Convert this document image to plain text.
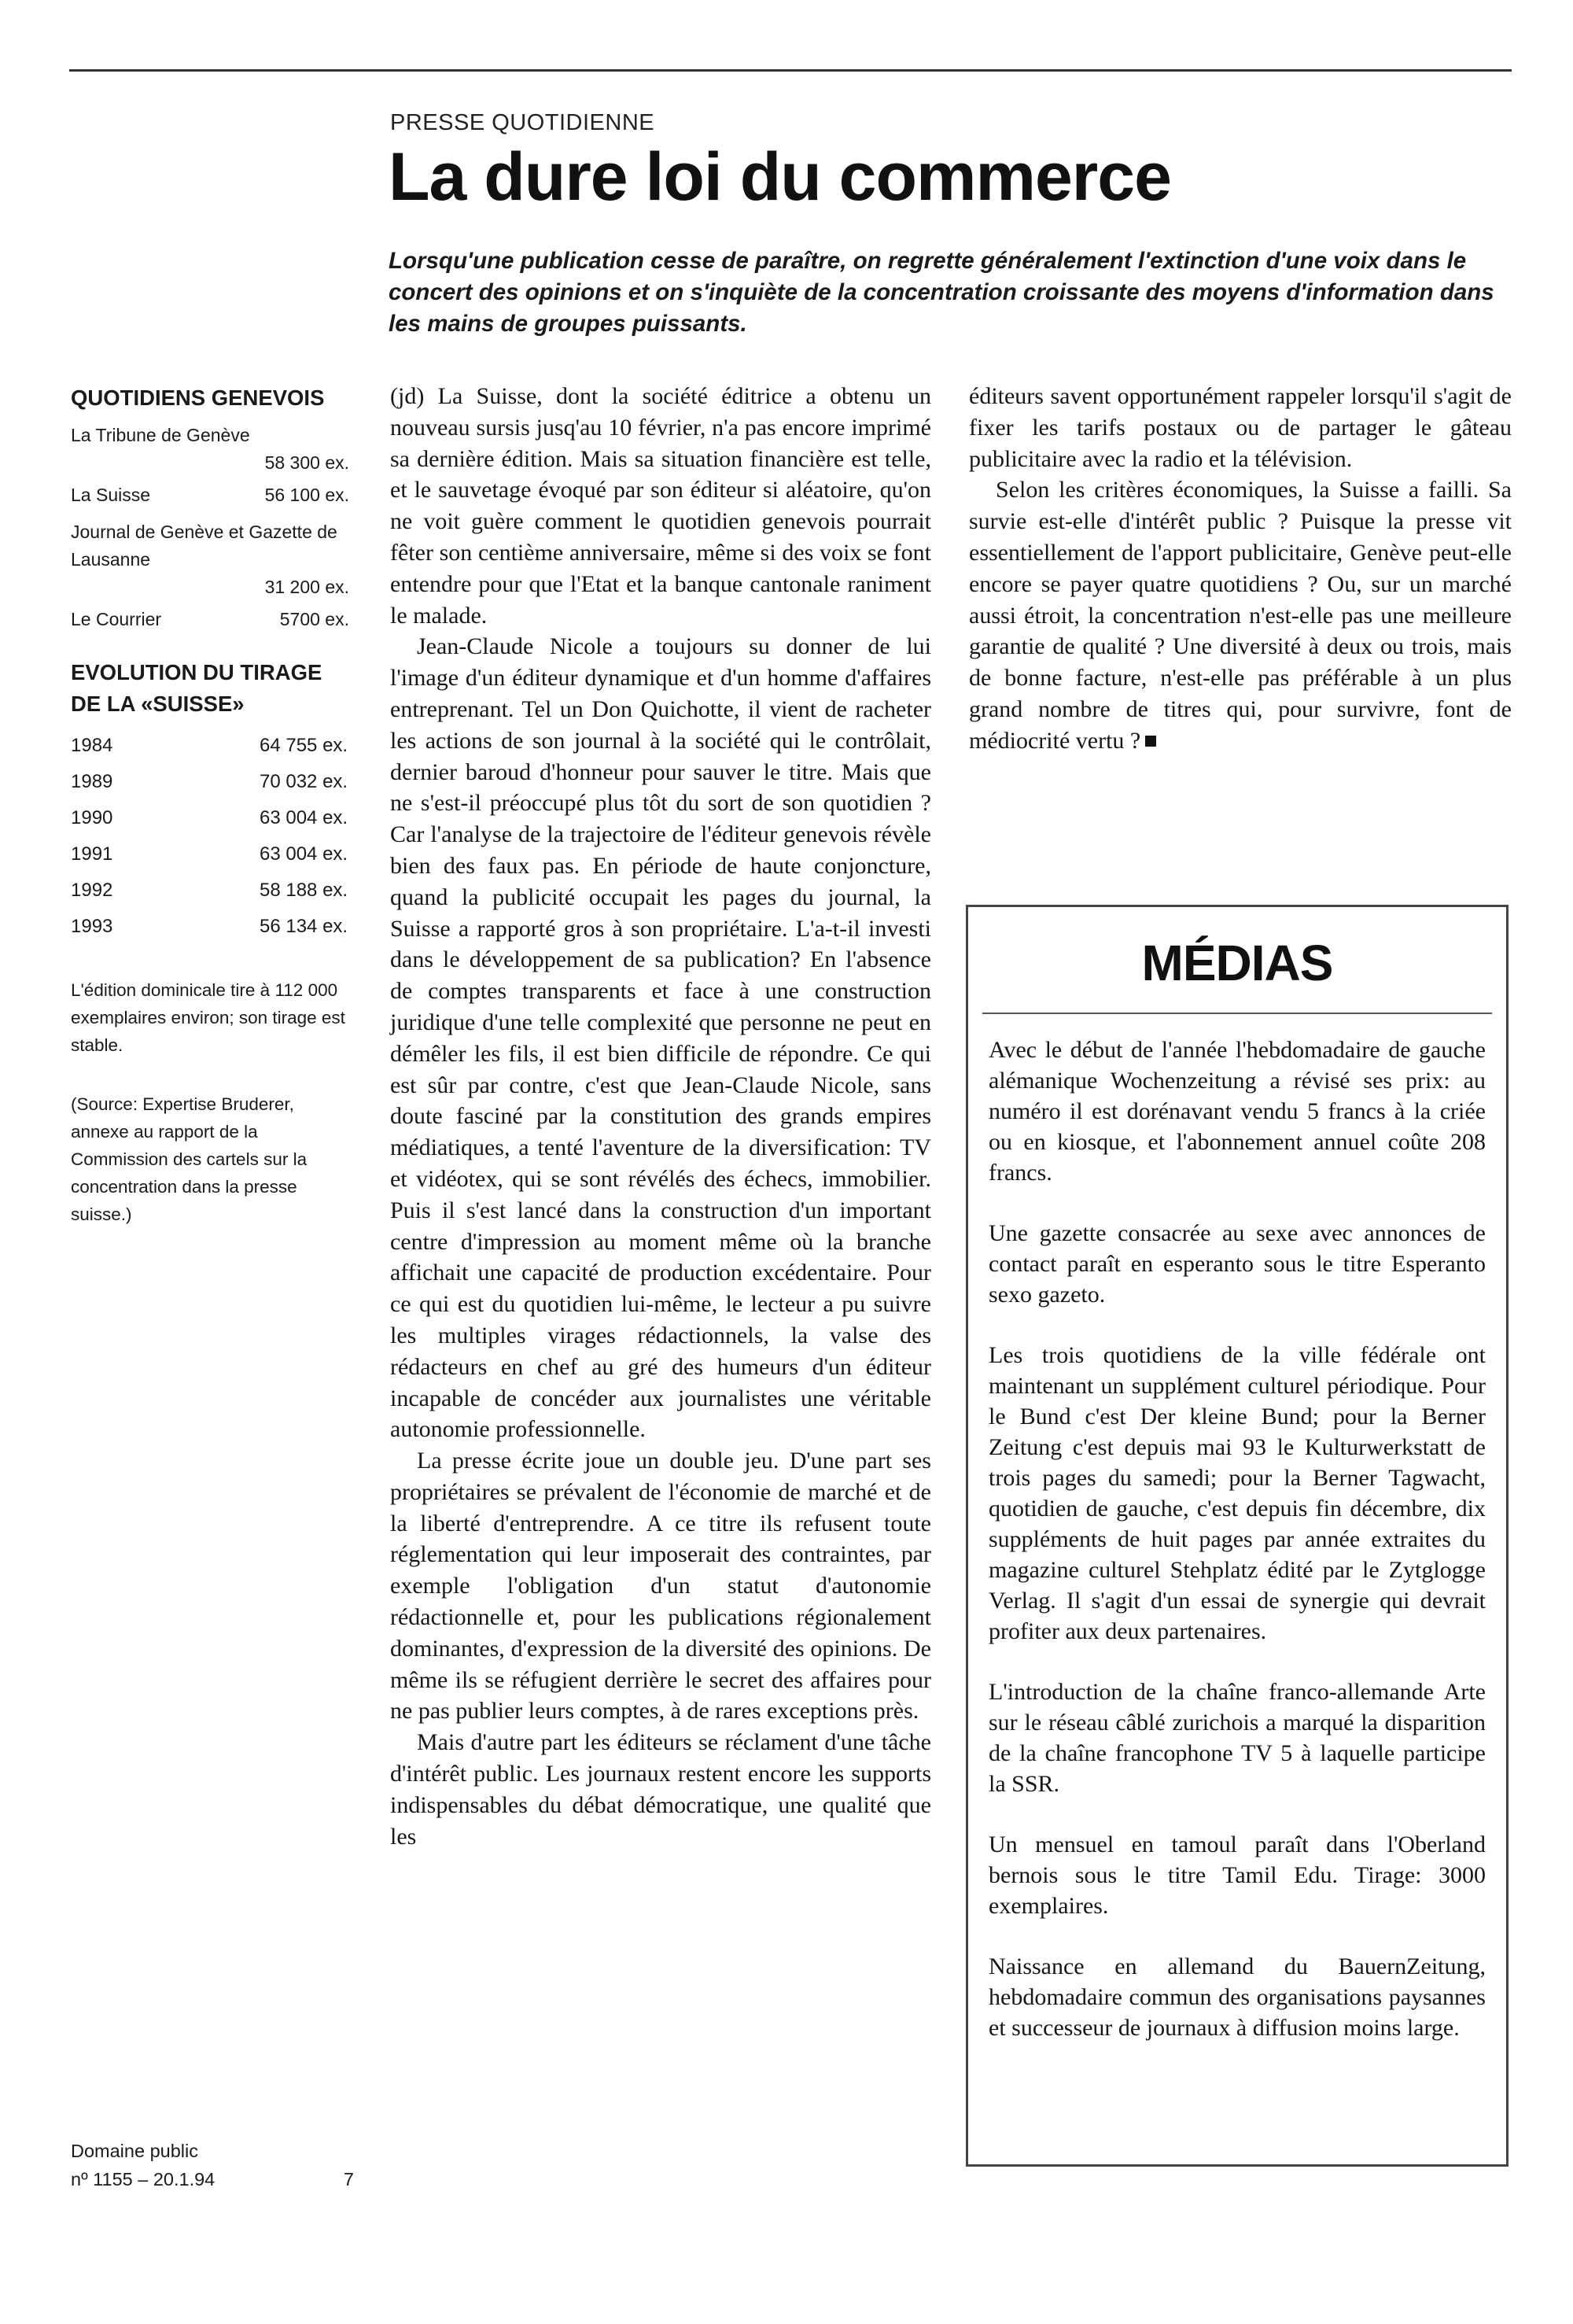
PRESSE QUOTIDIENNE
La dure loi du commerce

Lorsqu'une publication cesse de paraître, on regrette généralement l'extinction d'une voix dans le concert des opinions et on s'inquiète de la concentration croissante des moyens d'information dans les mains de groupes puissants.

QUOTIDIENS GENEVOIS
La Tribune de Genève
58 300 ex.
La Suisse	56 100 ex.
Journal de Genève et Gazette de Lausanne
31 200 ex.
Le Courrier	5700 ex.
EVOLUTION DU TIRAGE DE LA «SUISSE»
1984	64 755 ex.
1989	70 032 ex.
1990	63 004 ex.
1991	63 004 ex.
1992	58 188 ex.
1993	56 134 ex.

L'édition dominicale tire à 112 000 exemplaires environ; son tirage est stable.

(Source: Expertise Bruderer, annexe au rapport de la Commission des cartels sur la concentration dans la presse suisse.)

Domaine public
nº 1155 – 20.1.94	7

(jd) La Suisse, dont la société éditrice a obtenu un nouveau sursis jusq'au 10 février, n'a pas encore imprimé sa dernière édition. Mais sa situation financière est telle, et le sauvetage évoqué par son éditeur si aléatoire, qu'on ne voit guère comment le quotidien genevois pourrait fêter son centième anniversaire, même si des voix se font entendre pour que l'Etat et la banque cantonale raniment le malade.

Jean-Claude Nicole a toujours su donner de lui l'image d'un éditeur dynamique et d'un homme d'affaires entreprenant. Tel un Don Quichotte, il vient de racheter les actions de son journal à la société qui le contrôlait, dernier baroud d'honneur pour sauver le titre. Mais que ne s'est-il préoccupé plus tôt du sort de son quotidien ? Car l'analyse de la trajectoire de l'éditeur genevois révèle bien des faux pas. En période de haute conjoncture, quand la publicité occupait les pages du journal, la Suisse a rapporté gros à son propriétaire. L'a-t-il investi dans le développement de sa publication? En l'absence de comptes transparents et face à une construction juridique d'une telle complexité que personne ne peut en démêler les fils, il est bien difficile de répondre. Ce qui est sûr par contre, c'est que Jean-Claude Nicole, sans doute fasciné par la constitution des grands empires médiatiques, a tenté l'aventure de la diversification: TV et vidéotex, qui se sont révélés des échecs, immobilier. Puis il s'est lancé dans la construction d'un important centre d'impression au moment même où la branche affichait une capacité de production excédentaire. Pour ce qui est du quotidien lui-même, le lecteur a pu suivre les multiples virages rédactionnels, la valse des rédacteurs en chef au gré des humeurs d'un éditeur incapable de concéder aux journalistes une véritable autonomie professionnelle.

La presse écrite joue un double jeu. D'une part ses propriétaires se prévalent de l'économie de marché et de la liberté d'entreprendre. A ce titre ils refusent toute réglementation qui leur imposerait des contraintes, par exemple l'obligation d'un statut d'autonomie rédactionnelle et, pour les publications régionalement dominantes, d'expression de la diversité des opinions. De même ils se réfugient derrière le secret des affaires pour ne pas publier leurs comptes, à de rares exceptions près.

Mais d'autre part les éditeurs se réclament d'une tâche d'intérêt public. Les journaux restent encore les supports indispensables du débat démocratique, une qualité que les

éditeurs savent opportunément rappeler lorsqu'il s'agit de fixer les tarifs postaux ou de partager le gâteau publicitaire avec la radio et la télévision.

Selon les critères économiques, la Suisse a failli. Sa survie est-elle d'intérêt public ? Puisque la presse vit essentiellement de l'apport publicitaire, Genève peut-elle encore se payer quatre quotidiens ? Ou, sur un marché aussi étroit, la concentration n'est-elle pas une meilleure garantie de qualité ? Une diversité à deux ou trois, mais de bonne facture, n'est-elle pas préférable à un plus grand nombre de titres qui, pour survivre, font de médiocrité vertu ?

MÉDIAS

Avec le début de l'année l'hebdomadaire de gauche alémanique Wochenzeitung a révisé ses prix: au numéro il est dorénavant vendu 5 francs à la criée ou en kiosque, et l'abonnement annuel coûte 208 francs.

Une gazette consacrée au sexe avec annonces de contact paraît en esperanto sous le titre Esperanto sexo gazeto.

Les trois quotidiens de la ville fédérale ont maintenant un supplément culturel périodique. Pour le Bund c'est Der kleine Bund; pour la Berner Zeitung c'est depuis mai 93 le Kulturwerkstatt de trois pages du samedi; pour la Berner Tagwacht, quotidien de gauche, c'est depuis fin décembre, dix suppléments de huit pages par année extraites du magazine culturel Stehplatz édité par le Zytglogge Verlag. Il s'agit d'un essai de synergie qui devrait profiter aux deux partenaires.

L'introduction de la chaîne franco-allemande Arte sur le réseau câblé zurichois a marqué la disparition de la chaîne francophone TV 5 à laquelle participe la SSR.

Un mensuel en tamoul paraît dans l'Oberland bernois sous le titre Tamil Edu. Tirage: 3000 exemplaires.

Naissance en allemand du BauernZeitung, hebdomadaire commun des organisations paysannes et successeur de journaux à diffusion moins large.
